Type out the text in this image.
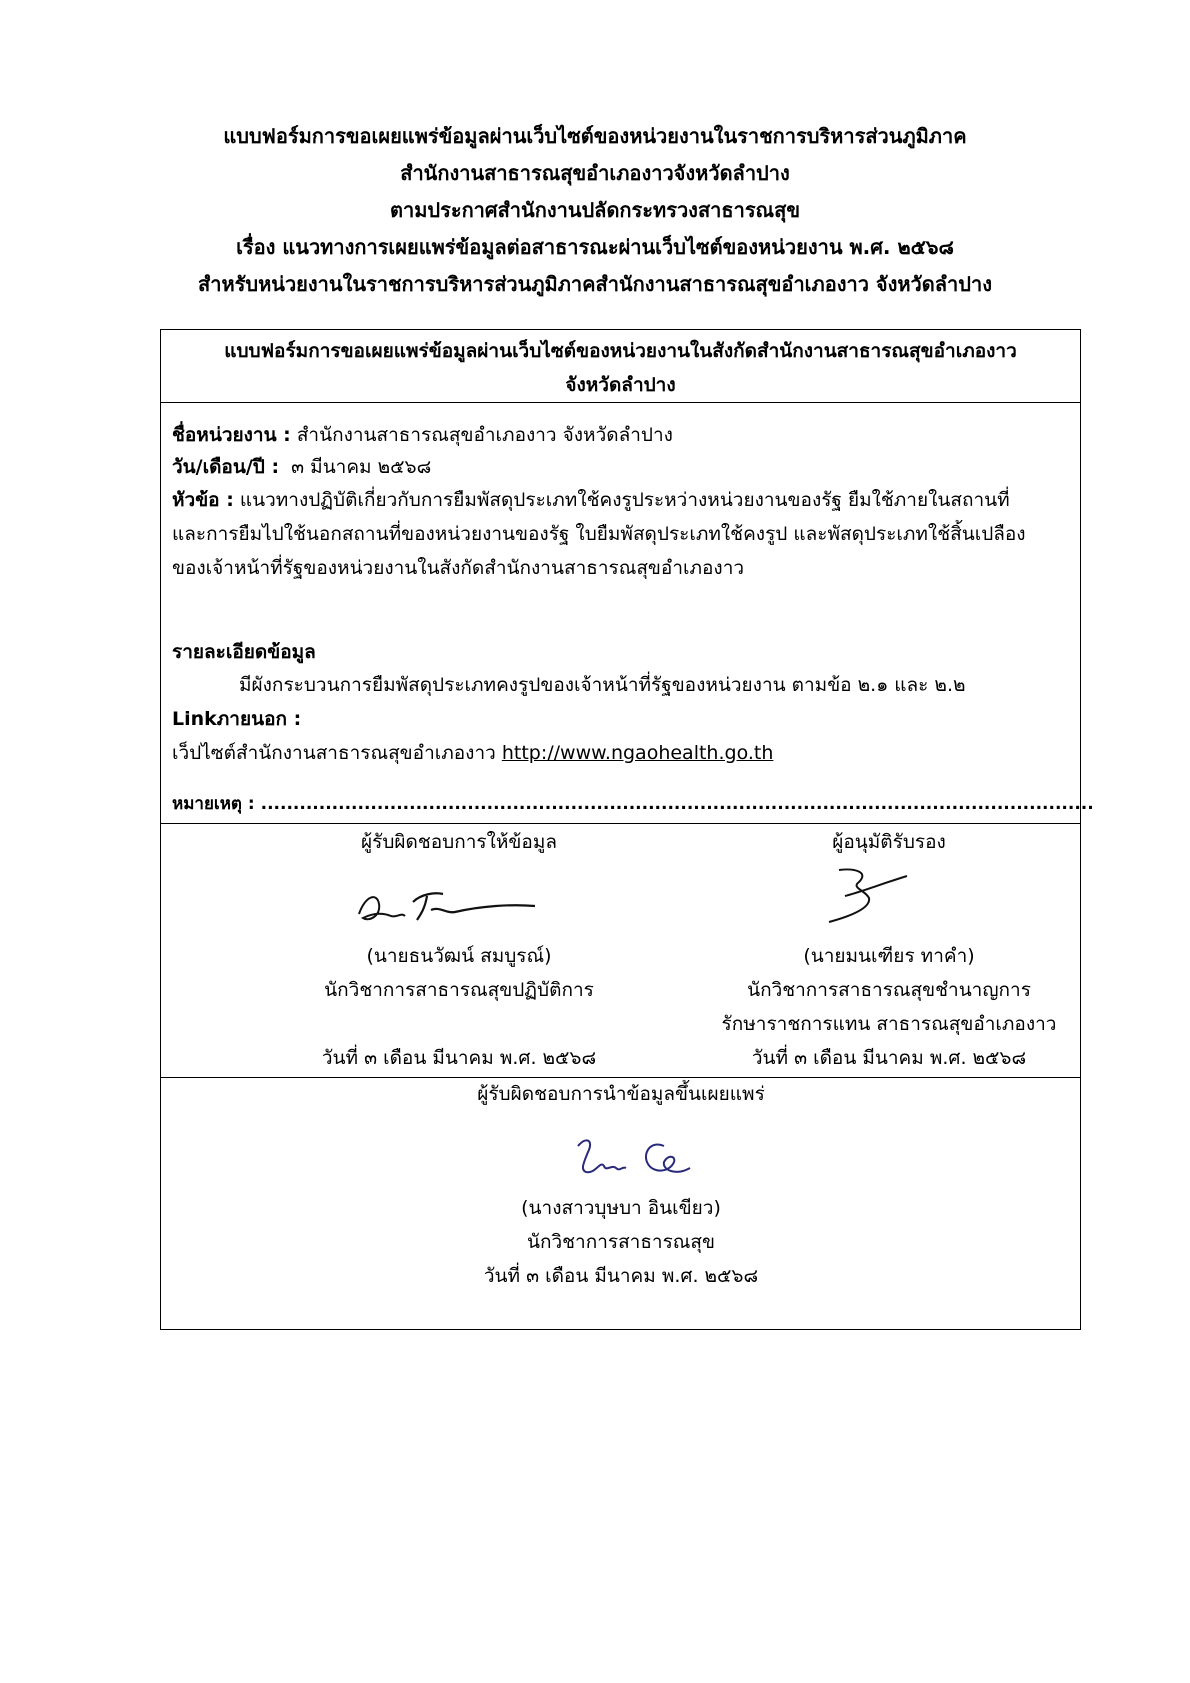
แบบฟอร์มการขอเผยแพร่ข้อมูลผ่านเว็บไซต์ของหน่วยงานในราชการบริหารส่วนภูมิภาค
สำนักงานสาธารณสุขอำเภองาวจังหวัดลำปาง
ตามประกาศสำนักงานปลัดกระทรวงสาธารณสุข
เรื่อง แนวทางการเผยแพร่ข้อมูลต่อสาธารณะผ่านเว็บไซต์ของหน่วยงาน พ.ศ. ๒๕๖๘
สำหรับหน่วยงานในราชการบริหารส่วนภูมิภาคสำนักงานสาธารณสุขอำเภองาว จังหวัดลำปาง
แบบฟอร์มการขอเผยแพร่ข้อมูลผ่านเว็บไซต์ของหน่วยงานในสังกัดสำนักงานสาธารณสุขอำเภองาว
จังหวัดลำปาง
ชื่อหน่วยงาน : สำนักงานสาธารณสุขอำเภองาว จังหวัดลำปาง
วัน/เดือน/ปี : ๓ มีนาคม ๒๕๖๘
หัวข้อ : แนวทางปฏิบัติเกี่ยวกับการยืมพัสดุประเภทใช้คงรูประหว่างหน่วยงานของรัฐ ยืมใช้ภายในสถานที่
และการยืมไปใช้นอกสถานที่ของหน่วยงานของรัฐ ใบยืมพัสดุประเภทใช้คงรูป และพัสดุประเภทใช้สิ้นเปลือง
ของเจ้าหน้าที่รัฐของหน่วยงานในสังกัดสำนักงานสาธารณสุขอำเภองาว
รายละเอียดข้อมูล
มีผังกระบวนการยืมพัสดุประเภทคงรูปของเจ้าหน้าที่รัฐของหน่วยงาน ตามข้อ ๒.๑ และ ๒.๒
Linkภายนอก :
เว็ปไซต์สำนักงานสาธารณสุขอำเภองาว http://www.ngaohealth.go.th
หมายเหตุ : .................................................................................................................................
ผู้รับผิดชอบการให้ข้อมูล
(นายธนวัฒน์ สมบูรณ์)
นักวิชาการสาธารณสุขปฏิบัติการ
วันที่ ๓ เดือน มีนาคม พ.ศ. ๒๕๖๘
ผู้อนุมัติรับรอง
(นายมนเฑียร ทาคำ)
นักวิชาการสาธารณสุขชำนาญการ
รักษาราชการแทน สาธารณสุขอำเภองาว
วันที่ ๓ เดือน มีนาคม พ.ศ. ๒๕๖๘
ผู้รับผิดชอบการนำข้อมูลขึ้นเผยแพร่
(นางสาวบุษบา อินเขียว)
นักวิชาการสาธารณสุข
วันที่ ๓ เดือน มีนาคม พ.ศ. ๒๕๖๘
